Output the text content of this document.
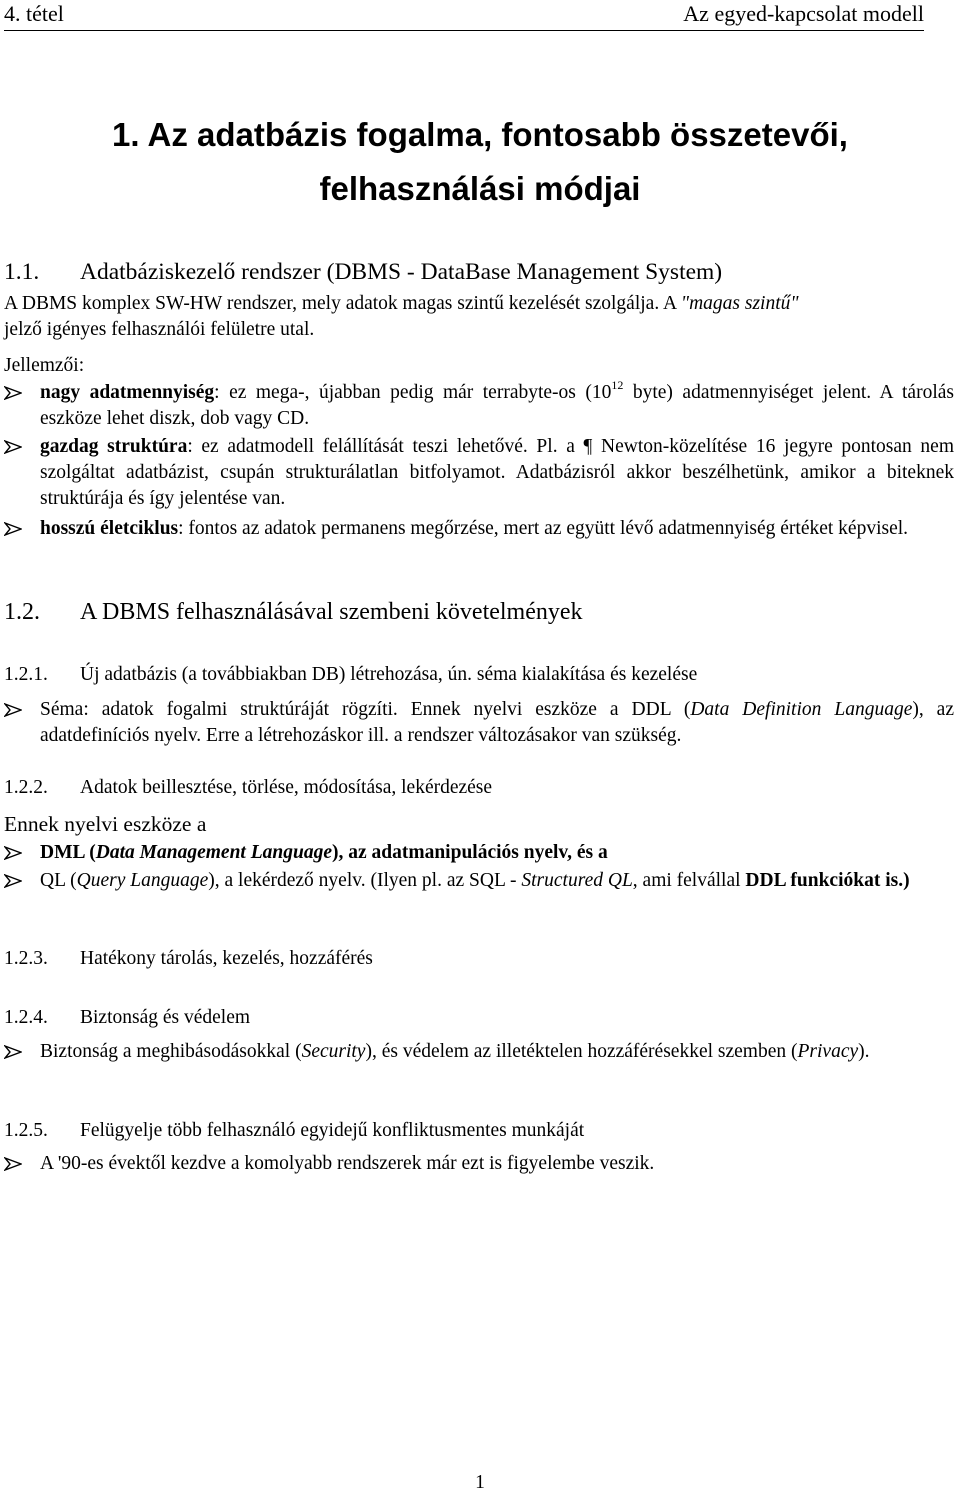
4. tétel	Az egyed-kapcsolat modell
1. Az adatbázis fogalma, fontosabb összetevői,
felhasználási módjai
1.1. Adatbáziskezelő rendszer (DBMS - DataBase Management System)
A DBMS komplex SW-HW rendszer, mely adatok magas szintű kezelését szolgálja. A "magas szintű"
jelző igényes felhasználói felületre utal.
Jellemzői:
nagy adatmennyiség: ez mega-, újabban pedig már terrabyte-os ($10^{12}$ byte) adatmennyiséget jelent. A tárolás eszköze lehet diszk, dob vagy CD.
gazdag struktúra: ez adatmodell felállítását teszi lehetővé. Pl. a ¶ Newton-közelítése 16 jegyre pontosan nem szolgáltat adatbázist, csupán strukturálatlan bitfolyamot. Adatbázisról akkor beszélhetünk, amikor a biteknek struktúrája és így jelentése van.
hosszú életciklus: fontos az adatok permanens megőrzése, mert az együtt lévő adatmennyiség értéket képvisel.
1.2. A DBMS felhasználásával szembeni követelmények
1.2.1. Új adatbázis (a továbbiakban DB) létrehozása, ún. séma kialakítása és kezelése
Séma: adatok fogalmi struktúráját rögzíti. Ennek nyelvi eszköze a DDL (Data Definition Language), az adatdefiníciós nyelv. Erre a létrehozáskor ill. a rendszer változásakor van szükség.
1.2.2. Adatok beillesztése, törlése, módosítása, lekérdezése
Ennek nyelvi eszköze a
DML (Data Management Language), az adatmanipulációs nyelv, és a
QL (Query Language), a lekérdező nyelv. (Ilyen pl. az SQL - Structured QL, ami felvállal DDL funkciókat is.)
1.2.3. Hatékony tárolás, kezelés, hozzáférés
1.2.4. Biztonság és védelem
Biztonság a meghibásodásokkal (Security), és védelem az illetéktelen hozzáférésekkel szemben (Privacy).
1.2.5. Felügyelje több felhasználó egyidejű konfliktusmentes munkáját
A '90-es évektől kezdve a komolyabb rendszerek már ezt is figyelembe veszik.
1
